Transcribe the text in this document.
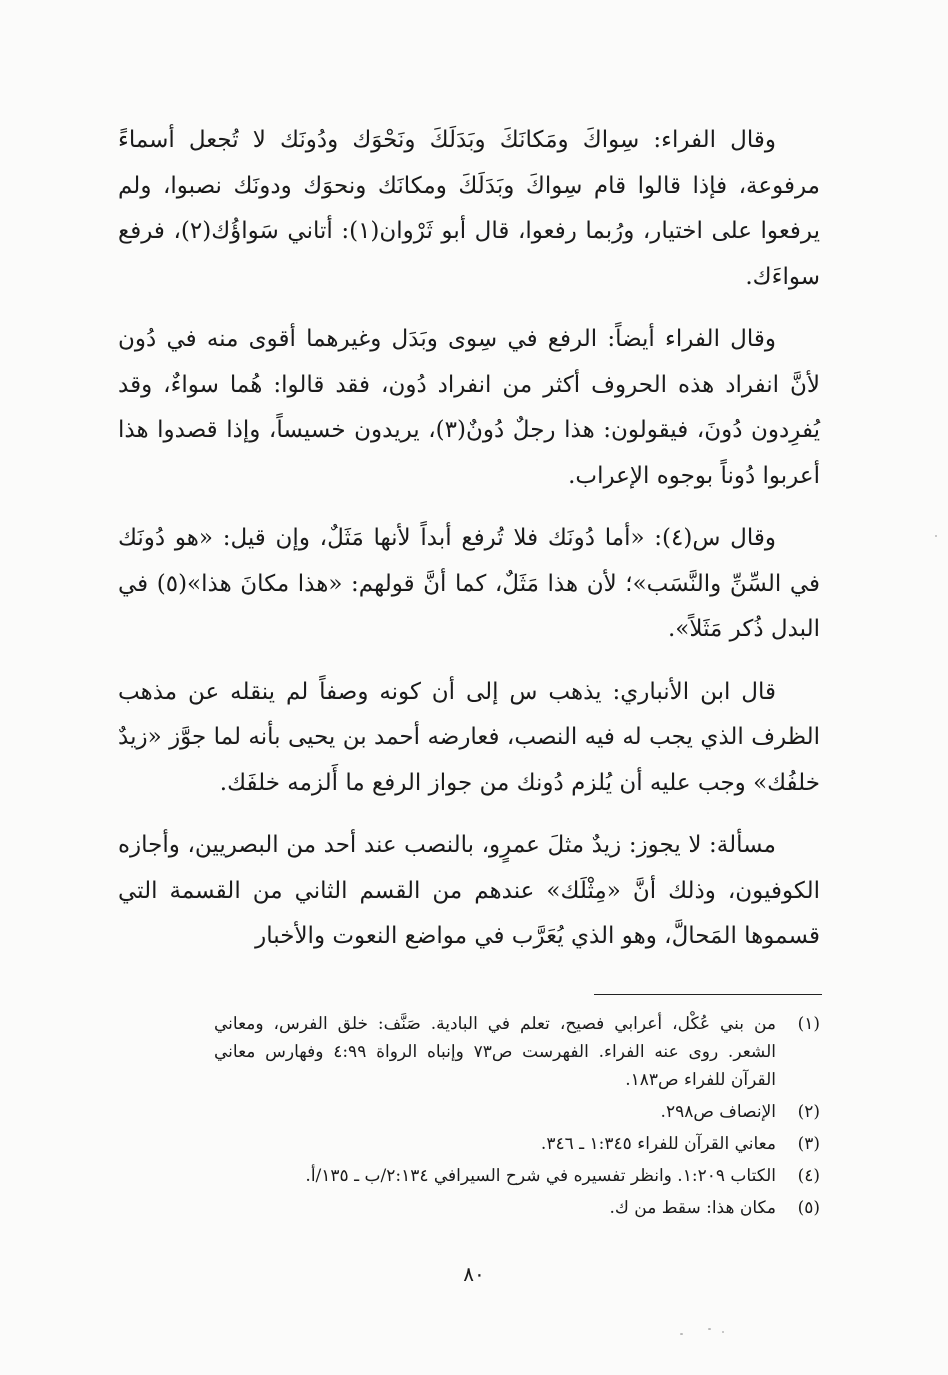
وقال الفراء: سِواكَ ومَكانَكَ وبَدَلَكَ ونَحْوَك ودُونَك لا تُجعل أسماءً مرفوعة، فإذا قالوا قام سِواكَ وبَدَلَكَ ومكانَك ونحوَك ودونَك نصبوا، ولم يرفعوا على اختيار، ورُبما رفعوا، قال أبو ثَرْوان(١): أتاني سَواؤُك(٢)، فرفع سواءَك.

وقال الفراء أيضاً: الرفع في سِوى وبَدَل وغيرهما أقوى منه في دُون لأنَّ انفراد هذه الحروف أكثر من انفراد دُون، فقد قالوا: هُما سواءٌ، وقد يُفرِدون دُونَ، فيقولون: هذا رجلٌ دُونٌ(٣)، يريدون خسيساً، وإذا قصدوا هذا أعربوا دُوناً بوجوه الإعراب.

وقال س(٤): «أما دُونَك فلا تُرفع أبداً لأنها مَثَلٌ، وإن قيل: «هو دُونَك في السِّنِّ والنَّسَب»؛ لأن هذا مَثَلٌ، كما أنَّ قولهم: «هذا مكانَ هذا»(٥) في البدل ذُكر مَثَلاً».

قال ابن الأنباري: يذهب س إلى أن كونه وصفاً لم ينقله عن مذهب الظرف الذي يجب له فيه النصب، فعارضه أحمد بن يحيى بأنه لما جوَّز «زيدٌ خلفُك» وجب عليه أن يُلزم دُونك من جواز الرفع ما أَلزمه خلفَك.

مسألة: لا يجوز: زيدٌ مثلَ عمرٍو، بالنصب عند أحد من البصريين، وأجازه الكوفيون، وذلك أنَّ «مِثْلَك» عندهم من القسم الثاني من القسمة التي قسموها المَحالَّ، وهو الذي يُعَرَّب في مواضع النعوت والأخبار

(١)
من بني عُكْل، أعرابي فصيح، تعلم في البادية. صَنَّف: خلق الفرس، ومعاني الشعر. روى عنه الفراء. الفهرست ص٧٣ وإنباه الرواة ٤:٩٩ وفهارس معاني القرآن للفراء ص١٨٣.
(٢)
الإنصاف ص٢٩٨.
(٣)
معاني القرآن للفراء ١:٣٤٥ ـ ٣٤٦.
(٤)
الكتاب ١:٢٠٩. وانظر تفسيره في شرح السيرافي ٢:١٣٤/ب ـ ١٣٥/أ.
(٥)
مكان هذا: سقط من ك.
٨٠
